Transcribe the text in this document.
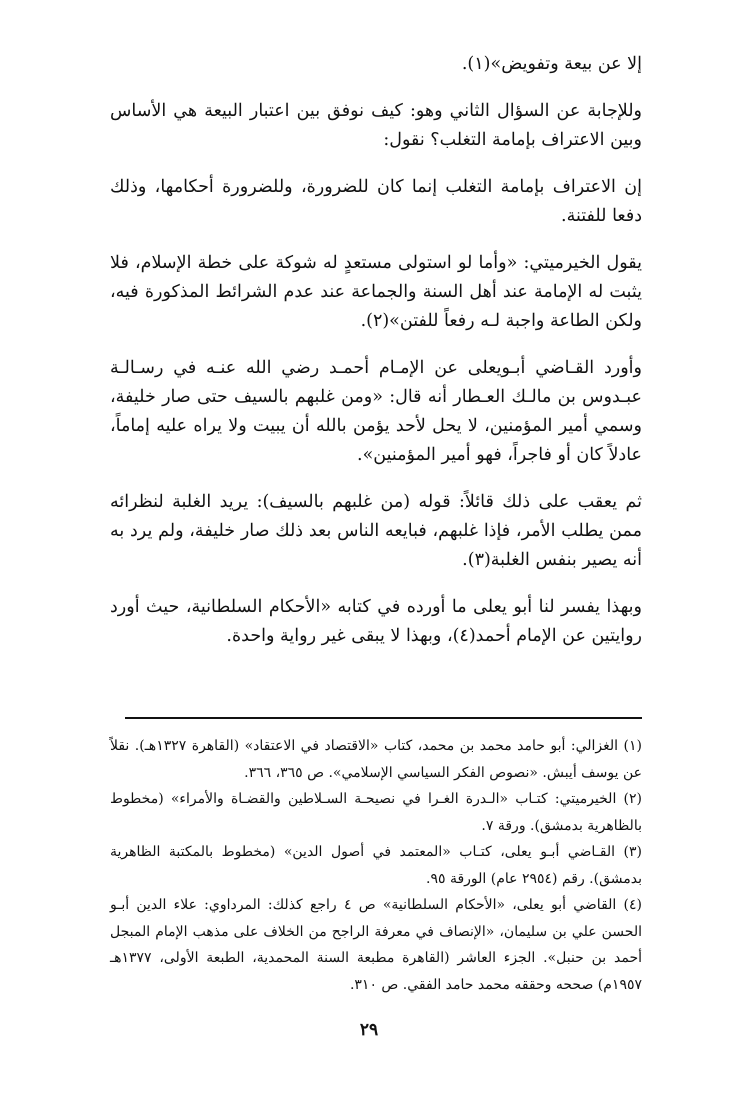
إلا عن بيعة وتفويض»(١).

وللإجابة عن السؤال الثاني وهو: كيف نوفق بين اعتبار البيعة هي الأساس وبين الاعتراف بإمامة التغلب؟ نقول:

إن الاعتراف بإمامة التغلب إنما كان للضرورة، وللضرورة أحكامها، وذلك دفعا للفتنة.

يقول الخيرميتي: «وأما لو استولى مستعدٍ له شوكة على خطة الإسلام، فلا يثبت له الإمامة عند أهل السنة والجماعة عند عدم الشرائط المذكورة فيه، ولكن الطاعة واجبة لـه رفعاً للفتن»(٢).

وأورد القـاضي أبـويعلى عن الإمـام أحمـد رضي الله عنـه في رسـالـة عبـدوس بن مالـك العـطار أنه قال: «ومن غلبهم بالسيف حتى صار خليفة، وسمي أمير المؤمنين، لا يحل لأحد يؤمن بالله أن يبيت ولا يراه عليه إماماً، عادلاً كان أو فاجراً، فهو أمير المؤمنين».

ثم يعقب على ذلك قائلاً: قوله (من غلبهم بالسيف): يريد الغلبة لنظرائه ممن يطلب الأمر، فإذا غلبهم، فبايعه الناس بعد ذلك صار خليفة، ولم يرد به أنه يصير بنفس الغلبة(٣).

وبهذا يفسر لنا أبو يعلى ما أورده في كتابه «الأحكام السلطانية، حيث أورد روايتين عن الإمام أحمد(٤)، وبهذا لا يبقى غير رواية واحدة.

(١) الغزالي: أبو حامد محمد بن محمد، كتاب «الاقتصاد في الاعتقاد» (القاهرة ١٣٢٧هـ). نقلاً عن يوسف أيبش. «نصوص الفكر السياسي الإسلامي». ص ٣٦٥، ٣٦٦.

(٢) الخيرميتي: كتـاب «الـدرة الغـرا في نصيحـة السـلاطين والقضـاة والأمراء» (مخطوط بالظاهرية بدمشق). ورقة ٧.

(٣) القـاضي أبـو يعلى، كتـاب «المعتمد في أصول الدين» (مخطوط بالمكتبة الظاهرية بدمشق). رقم (٢٩٥٤ عام) الورقة ٩٥.

(٤) القاضي أبو يعلى، «الأحكام السلطانية» ص ٤ راجع كذلك: المرداوي: علاء الدين أبـو الحسن علي بن سليمان، «الإنصاف في معرفة الراجح من الخلاف على مذهب الإمام المبجل أحمد بن حنبل». الجزء العاشر (القاهرة مطبعة السنة المحمدية، الطبعة الأولى، ١٣٧٧هـ ١٩٥٧م) صححه وحققه محمد حامد الفقي. ص ٣١٠.

٢٩
